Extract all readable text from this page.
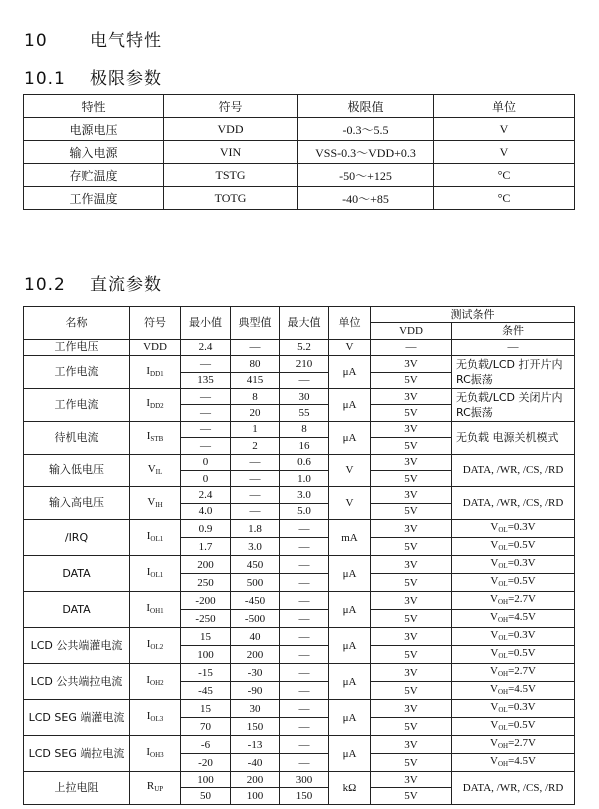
10 电气特性
10.1 极限参数
特性	符号	极限值	单位
电源电压	VDD	-0.3～5.5	V
输入电源	VIN	VSS-0.3～VDD+0.3	V
存贮温度	TSTG	-50～+125	°C
工作温度	TOTG	-40～+85	°C
10.2 直流参数
名称	符号	最小值	典型值	最大值	单位	测试条件	
						VDD	条件
工作电压	VDD	2.4	—	5.2	V	—	—
工作电流	$I_{DD1}$	—	80	210	μA	3V	无负载/LCD 打开片内 RC振荡
		135	415	—		5V	
工作电流	$I_{DD2}$	—	8	30	μA	3V	无负载/LCD 关闭片内 RC振荡
		—	20	55		5V	
待机电流	$I_{STB}$	—	1	8	μA	3V	无负载 电源关机模式
		—	2	16		5V	
输入低电压	$V_{IL}$	0	—	0.6	V	3V	DATA, /WR, /CS, /RD
		0	—	1.0		5V	
输入高电压	$V_{IH}$	2.4	—	3.0	V	3V	DATA, /WR, /CS, /RD
		4.0	—	5.0		5V	
/IRQ	$I_{OL1}$	0.9	1.8	—	mA	3V	$V_{OL}=0.3V$
		1.7	3.0	—		5V	$V_{OL}=0.5V$
DATA	$I_{OL1}$	200	450	—	μA	3V	$V_{OL}=0.3V$
		250	500	—		5V	$V_{OL}=0.5V$
DATA	$I_{OH1}$	-200	-450	—	μA	3V	$V_{OH}=2.7V$
		-250	-500	—		5V	$V_{OH}=4.5V$
LCD 公共端灌电流	$I_{OL2}$	15	40	—	μA	3V	$V_{OL}=0.3V$
		100	200	—		5V	$V_{OL}=0.5V$
LCD 公共端拉电流	$I_{OH2}$	-15	-30	—	μA	3V	$V_{OH}=2.7V$
		-45	-90	—		5V	$V_{OH}=4.5V$
LCD SEG 端灌电流	$I_{OL3}$	15	30	—	μA	3V	$V_{OL}=0.3V$
		70	150	—		5V	$V_{OL}=0.5V$
LCD SEG 端拉电流	$I_{OH3}$	-6	-13	—	μA	3V	$V_{OH}=2.7V$
		-20	-40	—		5V	$V_{OH}=4.5V$
上拉电阻	$R_{UP}$	100	200	300	kΩ	3V	DATA, /WR, /CS, /RD
		50	100	150		5V	
